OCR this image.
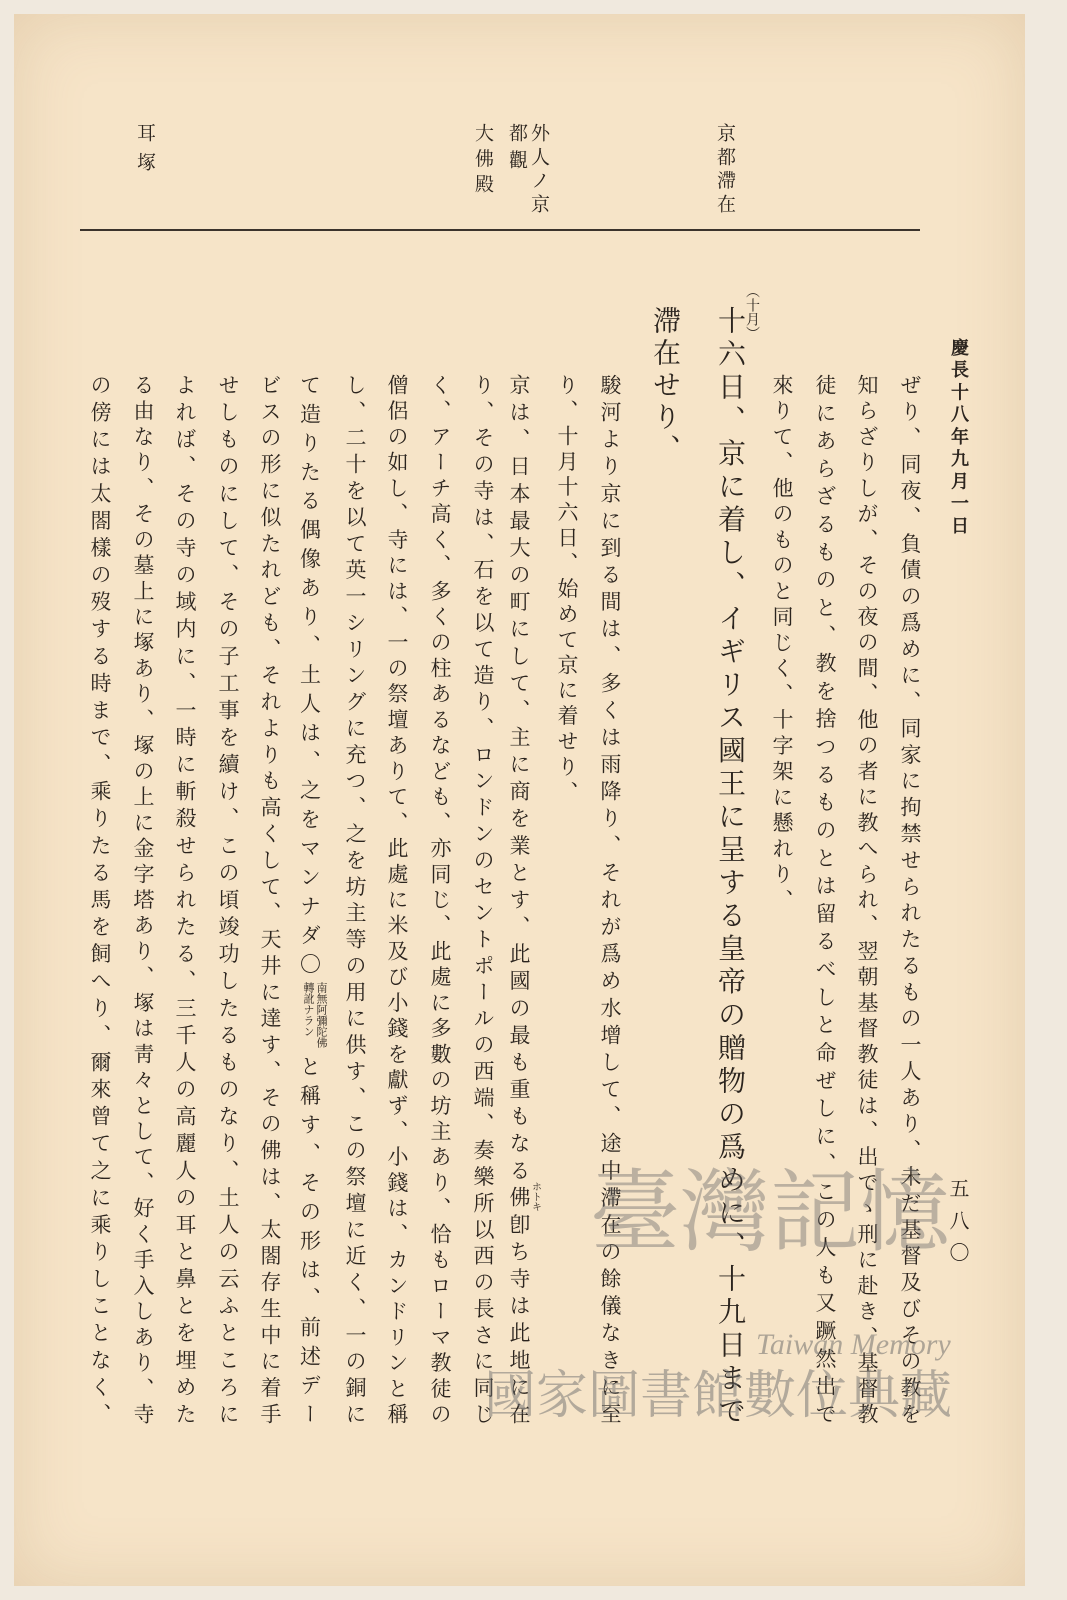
京都滯在
外人ノ京
都觀
大佛殿
耳塚
慶長十八年九月一日
五八〇
ぜり、同夜、負債の爲めに、同家に拘禁せられたるもの一人あり、未だ基督及びその教を
知らざりしが、その夜の間、他の者に教へられ、翌朝基督教徒は、出でゝ刑に赴き、基督教
徒にあらざるものと、教を捨つるものとは留るべしと命ぜしに、この人も又蹶然出で
來りて、他のものと同じく、十字架に懸れり、
（十月）
十六日、京に着し、イギリス國王に呈する皇帝の贈物の爲めに、十九日まで
滯在せり、
駿河より京に到る間は、多くは雨降り、それが爲め水增して、途中滯在の餘儀なきに至
り、十月十六日、始めて京に着せり、
京は、日本最大の町にして、主に商を業とす、此國の最も重もなる佛ホトキ卽ち寺は此地に在
り、その寺は、石を以て造り、ロンドンのセントポールの西端、奏樂所以西の長さに同じ
く、アーチ高く、多くの柱あるなども、亦同じ、此處に多數の坊主あり、恰もローマ教徒の
僧侶の如し、寺には、一の祭壇ありて、此處に米及び小錢を獻ず、小錢は、カンドリンと稱
し、二十を以て英一シリングに充つ、之を坊主等の用に供す、この祭壇に近く、一の銅に
て造りたる偶像あり、土人は、之をマンナダ〇
南無阿彌陀佛
轉訛ナラン
と稱す、その形は、前述デー
ビスの形に似たれども、それよりも高くして、天井に達す、その佛は、太閤存生中に着手
せしものにして、その子工事を續け、この頃竣功したるものなり、土人の云ふところに
よれば、その寺の域内に、一時に斬殺せられたる、三千人の高麗人の耳と鼻とを埋めた
る由なり、その墓上に塚あり、塚の上に金字塔あり、塚は靑々として、好く手入しあり、寺
の傍には太閤樣の歿する時まで、乘りたる馬を飼へり、爾來曾て之に乘りしことなく、	臺灣記憶
Taiwan Memory
國家圖書館數位典藏
